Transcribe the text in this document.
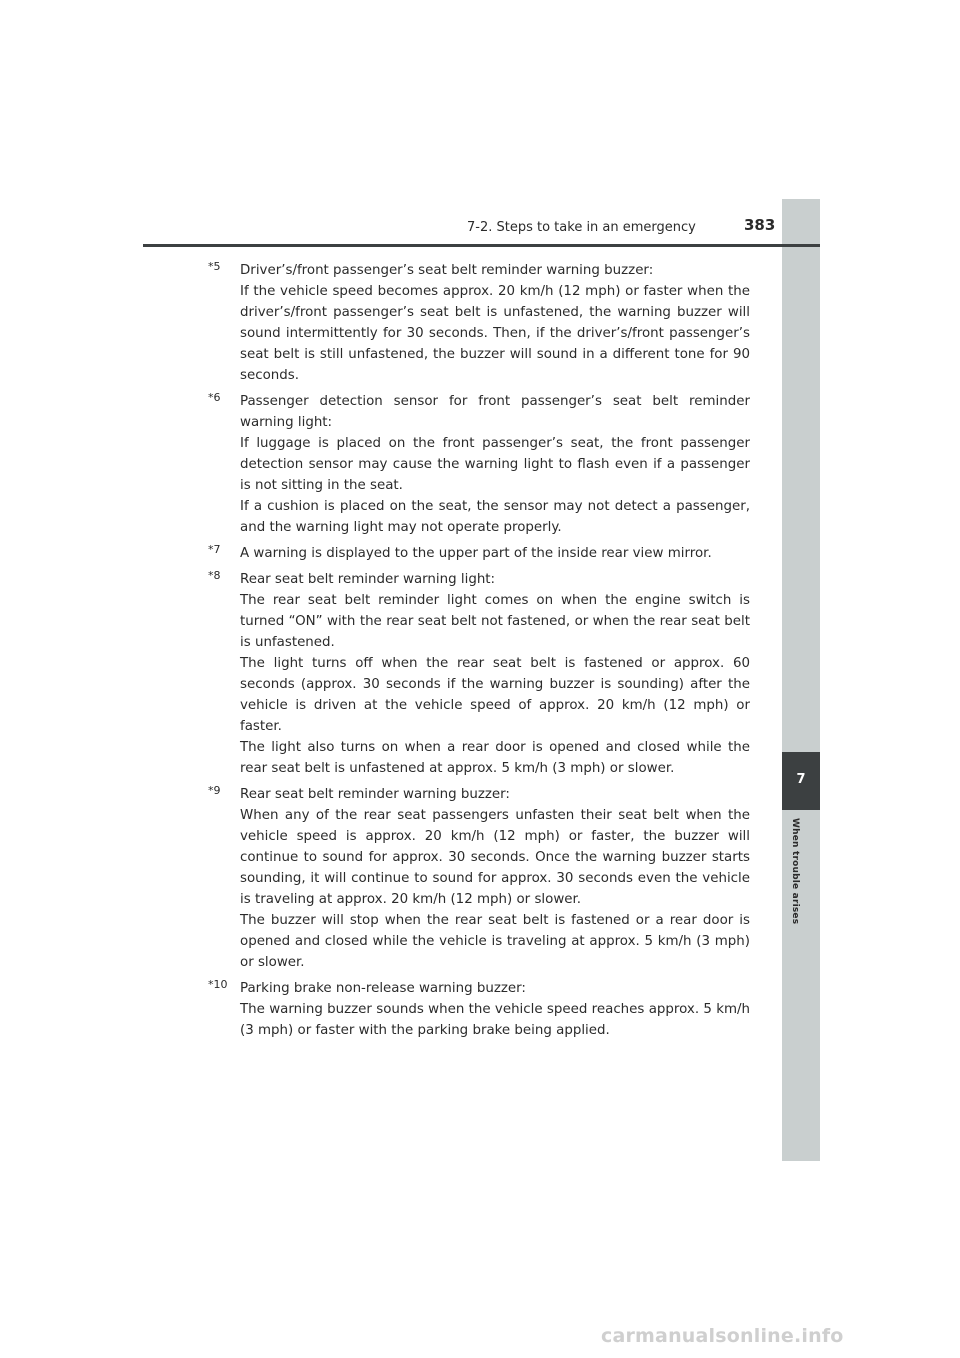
7
When trouble arises
7-2. Steps to take in an emergency	383
*5 Driver’s/front passenger’s seat belt reminder warning buzzer:

If the vehicle speed becomes approx. 20 km/h (12 mph) or faster when the driver’s/front passenger’s seat belt is unfastened, the warning buzzer will sound intermittently for 30 seconds. Then, if the driver’s/front passenger’s seat belt is still unfastened, the buzzer will sound in a different tone for 90 seconds.

*6 Passenger detection sensor for front passenger’s seat belt reminder warning light:

If luggage is placed on the front passenger’s seat, the front passenger detection sensor may cause the warning light to flash even if a passenger is not sitting in the seat.

If a cushion is placed on the seat, the sensor may not detect a passenger, and the warning light may not operate properly.

*7 A warning is displayed to the upper part of the inside rear view mirror.

*8 Rear seat belt reminder warning light:

The rear seat belt reminder light comes on when the engine switch is turned “ON” with the rear seat belt not fastened, or when the rear seat belt is unfastened.

The light turns off when the rear seat belt is fastened or approx. 60 seconds (approx. 30 seconds if the warning buzzer is sounding) after the vehicle is driven at the vehicle speed of approx. 20 km/h (12 mph) or faster.

The light also turns on when a rear door is opened and closed while the rear seat belt is unfastened at approx. 5 km/h (3 mph) or slower.

*9 Rear seat belt reminder warning buzzer:

When any of the rear seat passengers unfasten their seat belt when the vehicle speed is approx. 20 km/h (12 mph) or faster, the buzzer will continue to sound for approx. 30 seconds. Once the warning buzzer starts sounding, it will continue to sound for approx. 30 seconds even the vehicle is traveling at approx. 20 km/h (12 mph) or slower.

The buzzer will stop when the rear seat belt is fastened or a rear door is opened and closed while the vehicle is traveling at approx. 5 km/h (3 mph) or slower.

*10 Parking brake non-release warning buzzer:

The warning buzzer sounds when the vehicle speed reaches approx. 5 km/h (3 mph) or faster with the parking brake being applied.

carmanualsonline.info
